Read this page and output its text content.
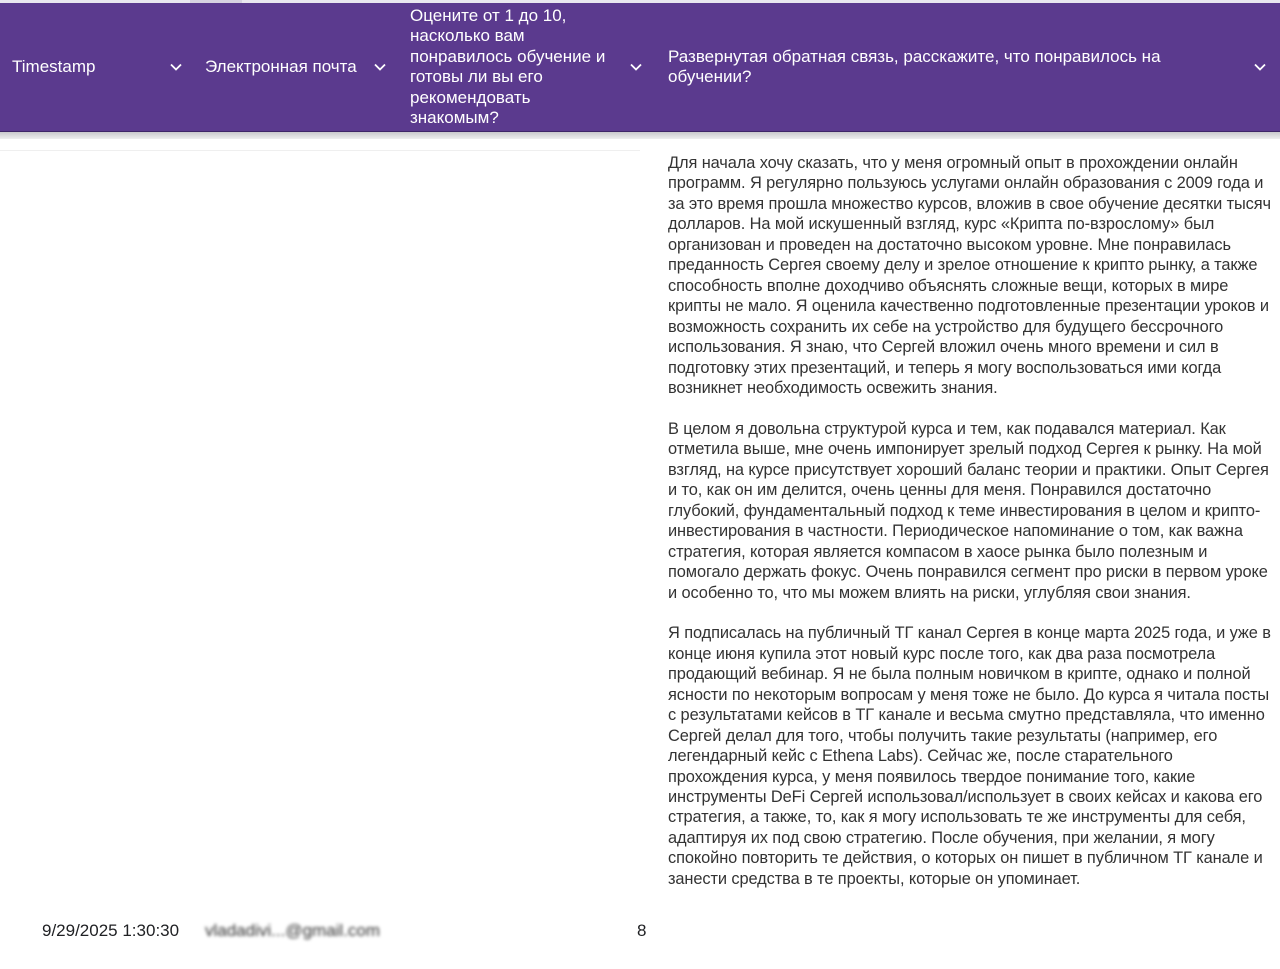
Timestamp	Электронная почта
Оцените от 1 до 10, насколько вам понравилось обучение и готовы ли вы его рекомендовать знакомым?
Развернутая обратная связь, расскажите, что понравилось на обучении?
9/29/2025 1:30:30 vladadivi...@gmail.com	8

Для начала хочу сказать, что у меня огромный опыт в прохождении онлайн программ. Я регулярно пользуюсь услугами онлайн образования с 2009 года и за это время прошла множество курсов, вложив в свое обучение десятки тысяч долларов. На мой искушенный взгляд, курс «Крипта по-взрослому» был организован и проведен на достаточно высоком уровне. Мне понравилась преданность Сергея своему делу и зрелое отношение к крипто рынку, а также способность вполне доходчиво объяснять сложные вещи, которых в мире крипты не мало. Я оценила качественно подготовленные презентации уроков и возможность сохранить их себе на устройство для будущего бессрочного использования. Я знаю, что Сергей вложил очень много времени и сил в подготовку этих презентаций, и теперь я могу воспользоваться ими когда возникнет необходимость освежить знания.

В целом я довольна структурой курса и тем, как подавался материал. Как отметила выше, мне очень импонирует зрелый подход Сергея к рынку. На мой взгляд, на курсе присутствует хороший баланс теории и практики. Опыт Сергея и то, как он им делится, очень ценны для меня. Понравился достаточно глубокий, фундаментальный подход к теме инвестирования в целом и крипто-инвестирования в частности. Периодическое напоминание о том, как важна стратегия, которая является компасом в хаосе рынка было полезным и помогало держать фокус. Очень понравился сегмент про риски в первом уроке и особенно то, что мы можем влиять на риски, углубляя свои знания.

Я подписалась на публичный ТГ канал Сергея в конце марта 2025 года, и уже в конце июня купила этот новый курс после того, как два раза посмотрела продающий вебинар. Я не была полным новичком в крипте, однако и полной ясности по некоторым вопросам у меня тоже не было. До курса я читала посты с результатами кейсов в ТГ канале и весьма смутно представляла, что именно Сергей делал для того, чтобы получить такие результаты (например, его легендарный кейс с Ethena Labs). Сейчас же, после старательного прохождения курса, у меня появилось твердое понимание того, какие инструменты DeFi Сергей использовал/использует в своих кейсах и какова его стратегия, а также, то, как я могу использовать те же инструменты для себя, адаптируя их под свою стратегию. После обучения, при желании, я могу спокойно повторить те действия, о которых он пишет в публичном ТГ канале и занести средства в те проекты, которые он упоминает.
